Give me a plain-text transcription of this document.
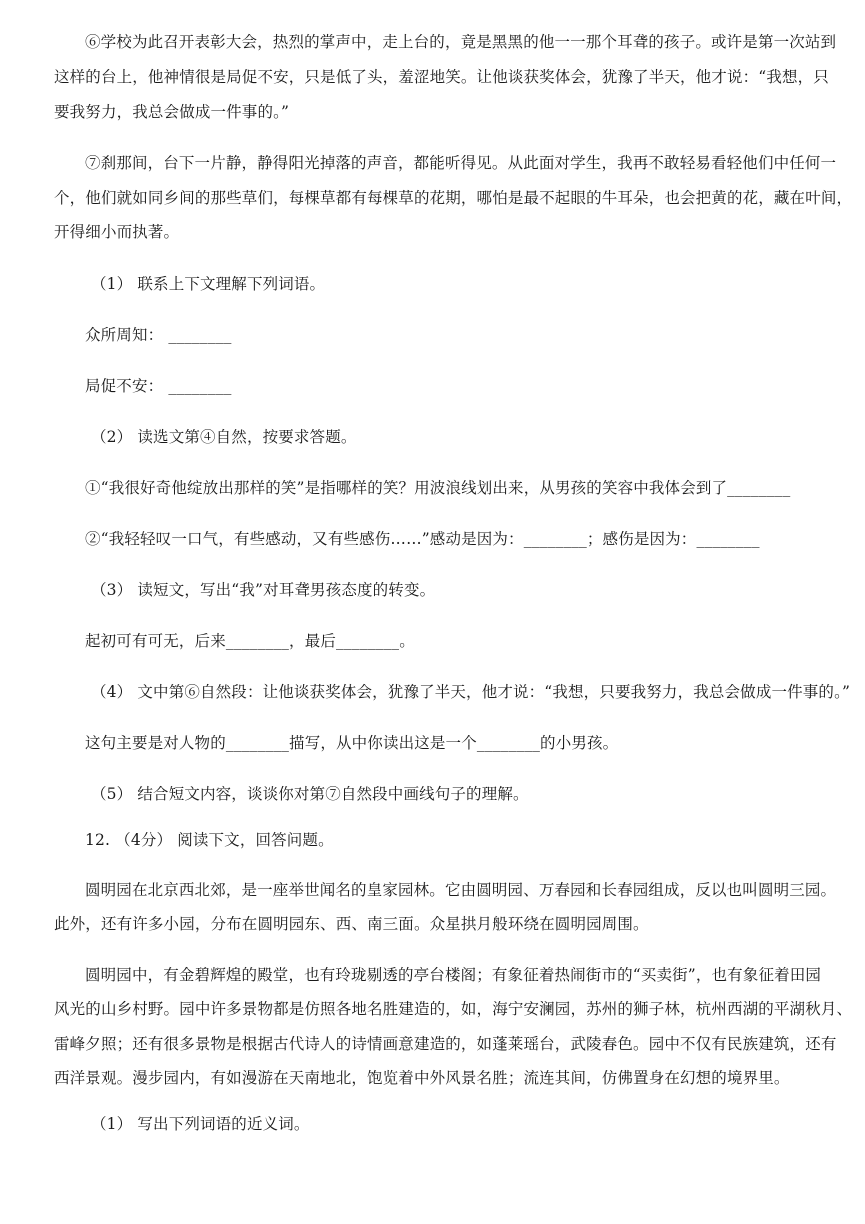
⑥学校为此召开表彰大会，热烈的掌声中，走上台的，竟是黑黑的他一一那个耳聋的孩子。或许是第一次站到
这样的台上，他神情很是局促不安，只是低了头，羞涩地笑。让他谈获奖体会，犹豫了半天，他才说：“我想，只
要我努力，我总会做成一件事的。”
⑦刹那间，台下一片静，静得阳光掉落的声音，都能听得见。从此面对学生，我再不敢轻易看轻他们中任何一
个，他们就如同乡间的那些草们，每棵草都有每棵草的花期，哪怕是最不起眼的牛耳朵，也会把黄的花，藏在叶间，
开得细小而执著。
（1） 联系上下文理解下列词语。
众所周知： ________
局促不安： ________
（2） 读选文第④自然，按要求答题。
①“我很好奇他绽放出那样的笑”是指哪样的笑？用波浪线划出来，从男孩的笑容中我体会到了________
②“我轻轻叹一口气，有些感动，又有些感伤……”感动是因为：________；感伤是因为：________
（3） 读短文，写出“我”对耳聋男孩态度的转变。
起初可有可无，后来________，最后________。
（4） 文中第⑥自然段：让他谈获奖体会，犹豫了半天，他才说：“我想，只要我努力，我总会做成一件事的。”
这句主要是对人物的________描写，从中你读出这是一个________的小男孩。
（5） 结合短文内容，谈谈你对第⑦自然段中画线句子的理解。
12. （4分） 阅读下文，回答问题。
圆明园在北京西北郊，是一座举世闻名的皇家园林。它由圆明园、万春园和长春园组成，反以也叫圆明三园。
此外，还有许多小园，分布在圆明园东、西、南三面。众星拱月般环绕在圆明园周围。
圆明园中，有金碧辉煌的殿堂，也有玲珑剔透的亭台楼阁；有象征着热闹街市的“买卖街”，也有象征着田园
风光的山乡村野。园中许多景物都是仿照各地名胜建造的，如，海宁安澜园，苏州的狮子林，杭州西湖的平湖秋月、
雷峰夕照；还有很多景物是根据古代诗人的诗情画意建造的，如蓬莱瑶台，武陵春色。园中不仅有民族建筑，还有
西洋景观。漫步园内，有如漫游在天南地北，饱览着中外风景名胜；流连其间，仿佛置身在幻想的境界里。
（1） 写出下列词语的近义词。
